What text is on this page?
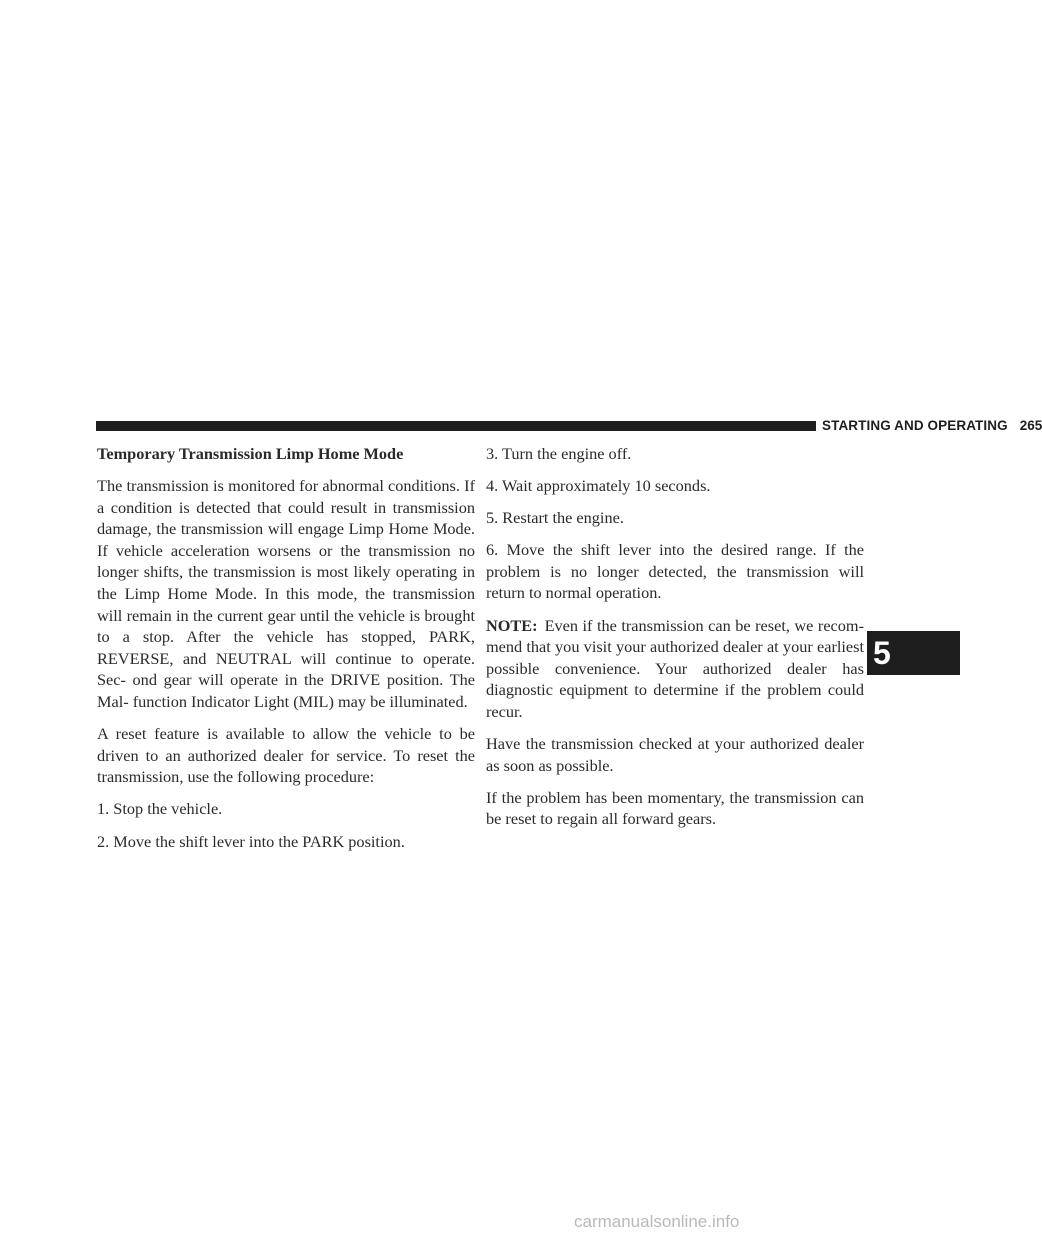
STARTING AND OPERATING 265

Temporary Transmission Limp Home Mode

The transmission is monitored for abnormal conditions. If a condition is detected that could result in transmission damage, the transmission will engage Limp Home Mode. If vehicle acceleration worsens or the transmission no longer shifts, the transmission is most likely operating in the Limp Home Mode. In this mode, the transmission will remain in the current gear until the vehicle is brought to a stop. After the vehicle has stopped, PARK, REVERSE, and NEUTRAL will continue to operate. Sec- ond gear will operate in the DRIVE position. The Mal- function Indicator Light (MIL) may be illuminated.

A reset feature is available to allow the vehicle to be driven to an authorized dealer for service. To reset the transmission, use the following procedure:

1. Stop the vehicle.

2. Move the shift lever into the PARK position.

3. Turn the engine off.

4. Wait approximately 10 seconds.

5. Restart the engine.

6. Move the shift lever into the desired range. If the problem is no longer detected, the transmission will return to normal operation.

NOTE: Even if the transmission can be reset, we recom- mend that you visit your authorized dealer at your earliest possible convenience. Your authorized dealer has diagnostic equipment to determine if the problem could recur.

Have the transmission checked at your authorized dealer as soon as possible.

If the problem has been momentary, the transmission can be reset to regain all forward gears.

5
carmanualsonline.info
